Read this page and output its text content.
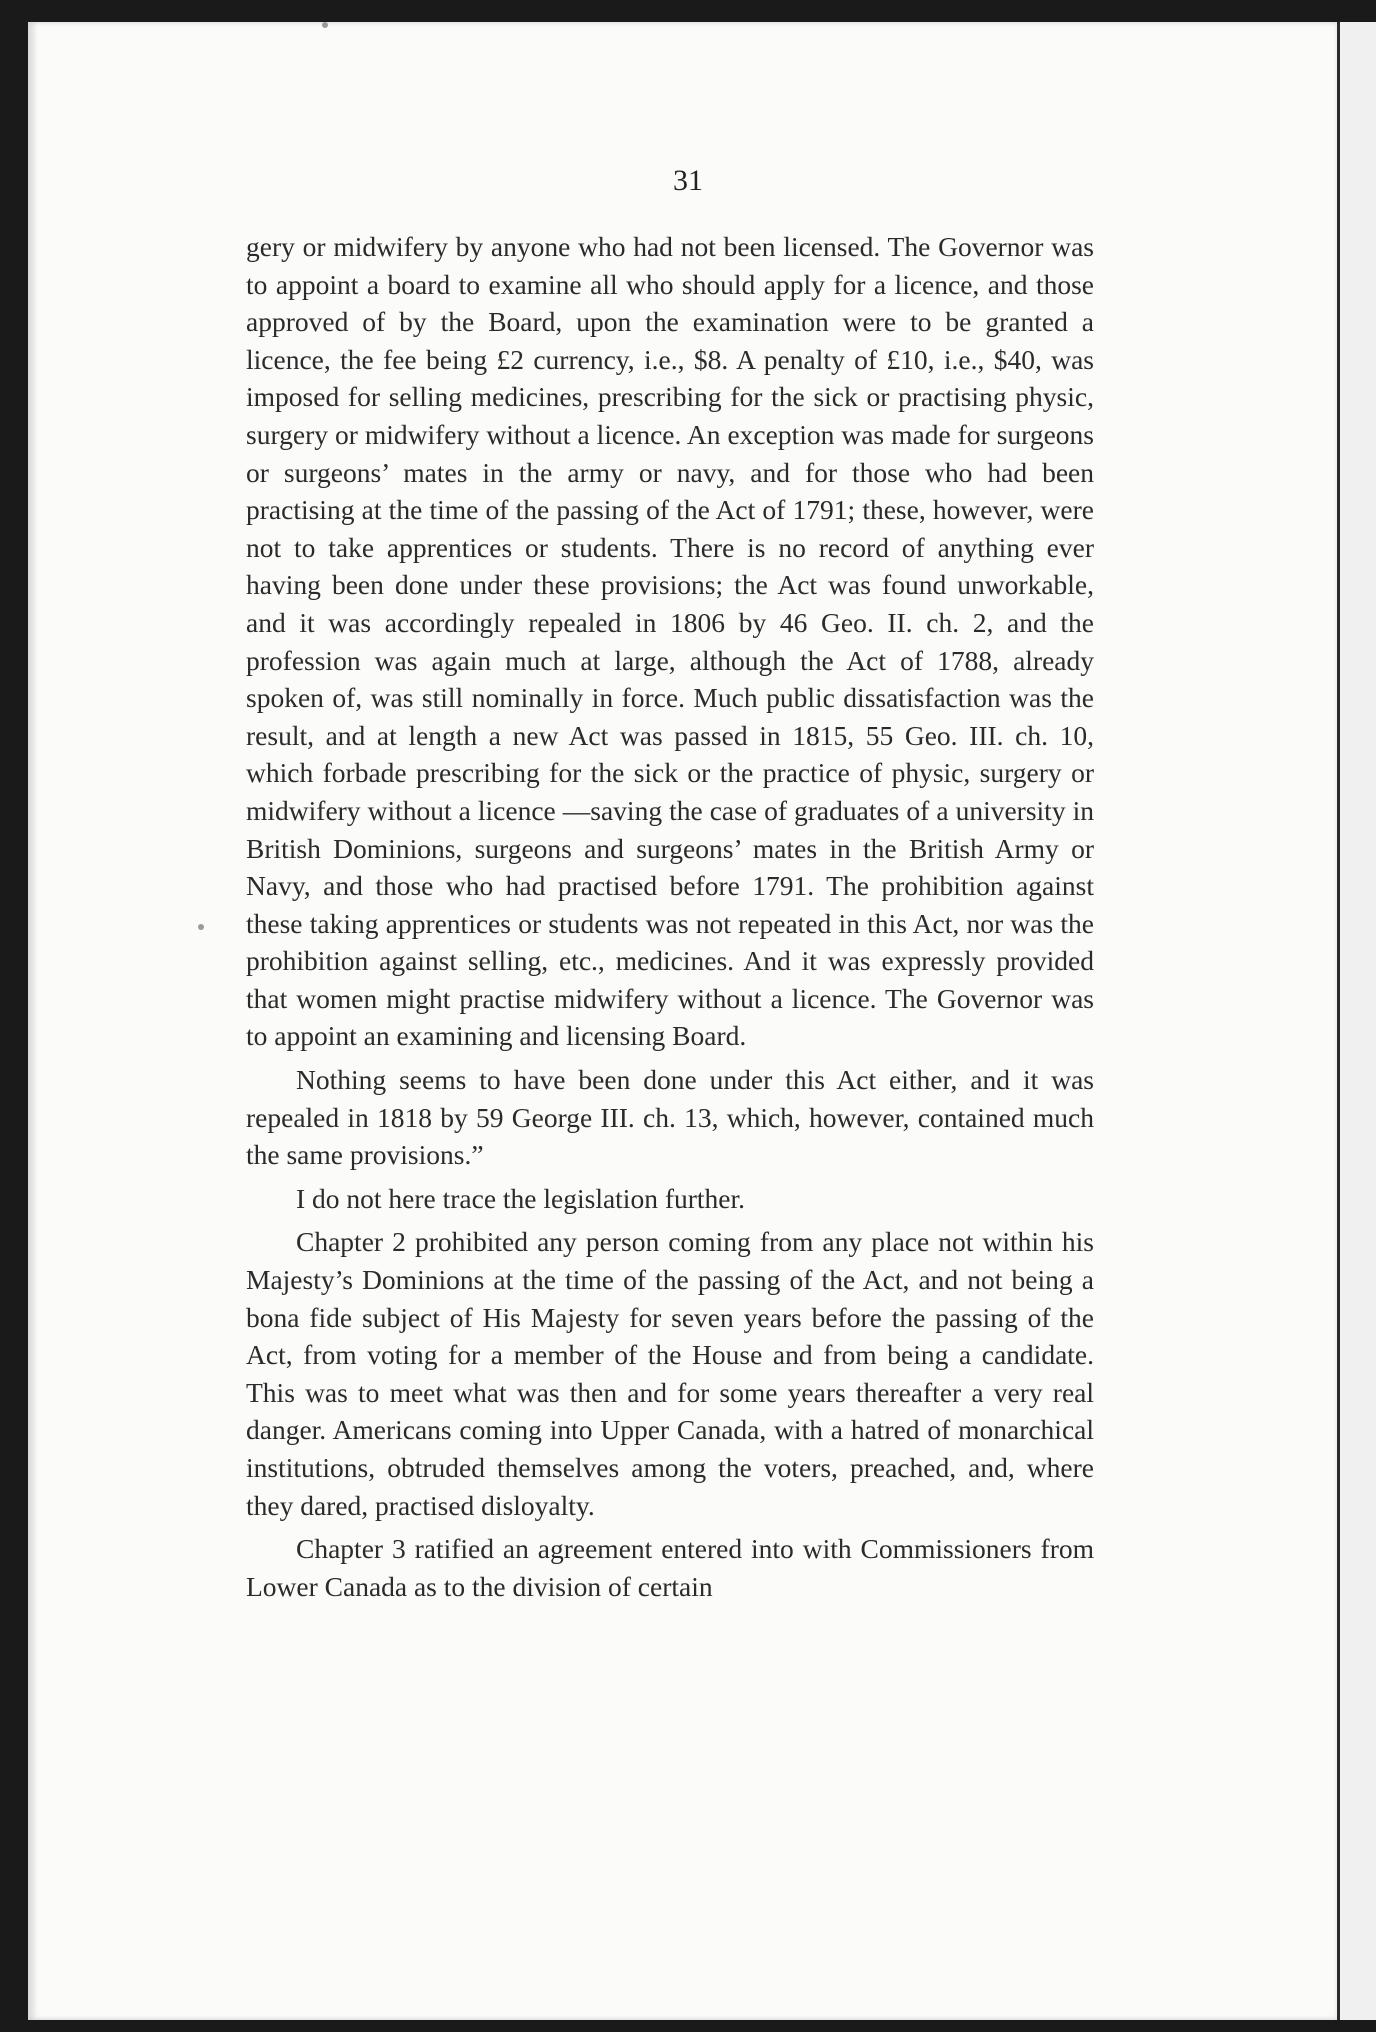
31

gery or midwifery by anyone who had not been licensed. The Governor was to appoint a board to examine all who should apply for a licence, and those approved of by the Board, upon the examination were to be granted a licence, the fee being £2 currency, i.e., $8. A penalty of £10, i.e., $40, was imposed for selling medicines, prescribing for the sick or practising physic, surgery or midwifery without a licence. An exception was made for surgeons or surgeons’ mates in the army or navy, and for those who had been practising at the time of the passing of the Act of 1791; these, however, were not to take apprentices or students. There is no record of anything ever having been done under these provisions; the Act was found unworkable, and it was accordingly repealed in 1806 by 46 Geo. II. ch. 2, and the profession was again much at large, although the Act of 1788, already spoken of, was still nominally in force. Much public dissatisfaction was the result, and at length a new Act was passed in 1815, 55 Geo. III. ch. 10, which forbade prescribing for the sick or the practice of physic, surgery or midwifery without a licence —saving the case of graduates of a university in British Dominions, surgeons and surgeons’ mates in the British Army or Navy, and those who had practised before 1791. The prohibition against these taking apprentices or students was not repeated in this Act, nor was the prohibition against selling, etc., medicines. And it was expressly provided that women might practise midwifery without a licence. The Governor was to appoint an examining and licensing Board.

Nothing seems to have been done under this Act either, and it was repealed in 1818 by 59 George III. ch. 13, which, however, contained much the same provisions.”

I do not here trace the legislation further.

Chapter 2 prohibited any person coming from any place not within his Majesty’s Dominions at the time of the passing of the Act, and not being a bona fide subject of His Majesty for seven years before the passing of the Act, from voting for a member of the House and from being a candidate. This was to meet what was then and for some years thereafter a very real danger. Americans coming into Upper Canada, with a hatred of monarchical institutions, obtruded themselves among the voters, preached, and, where they dared, practised disloyalty.

Chapter 3 ratified an agreement entered into with Commissioners from Lower Canada as to the division of certain
